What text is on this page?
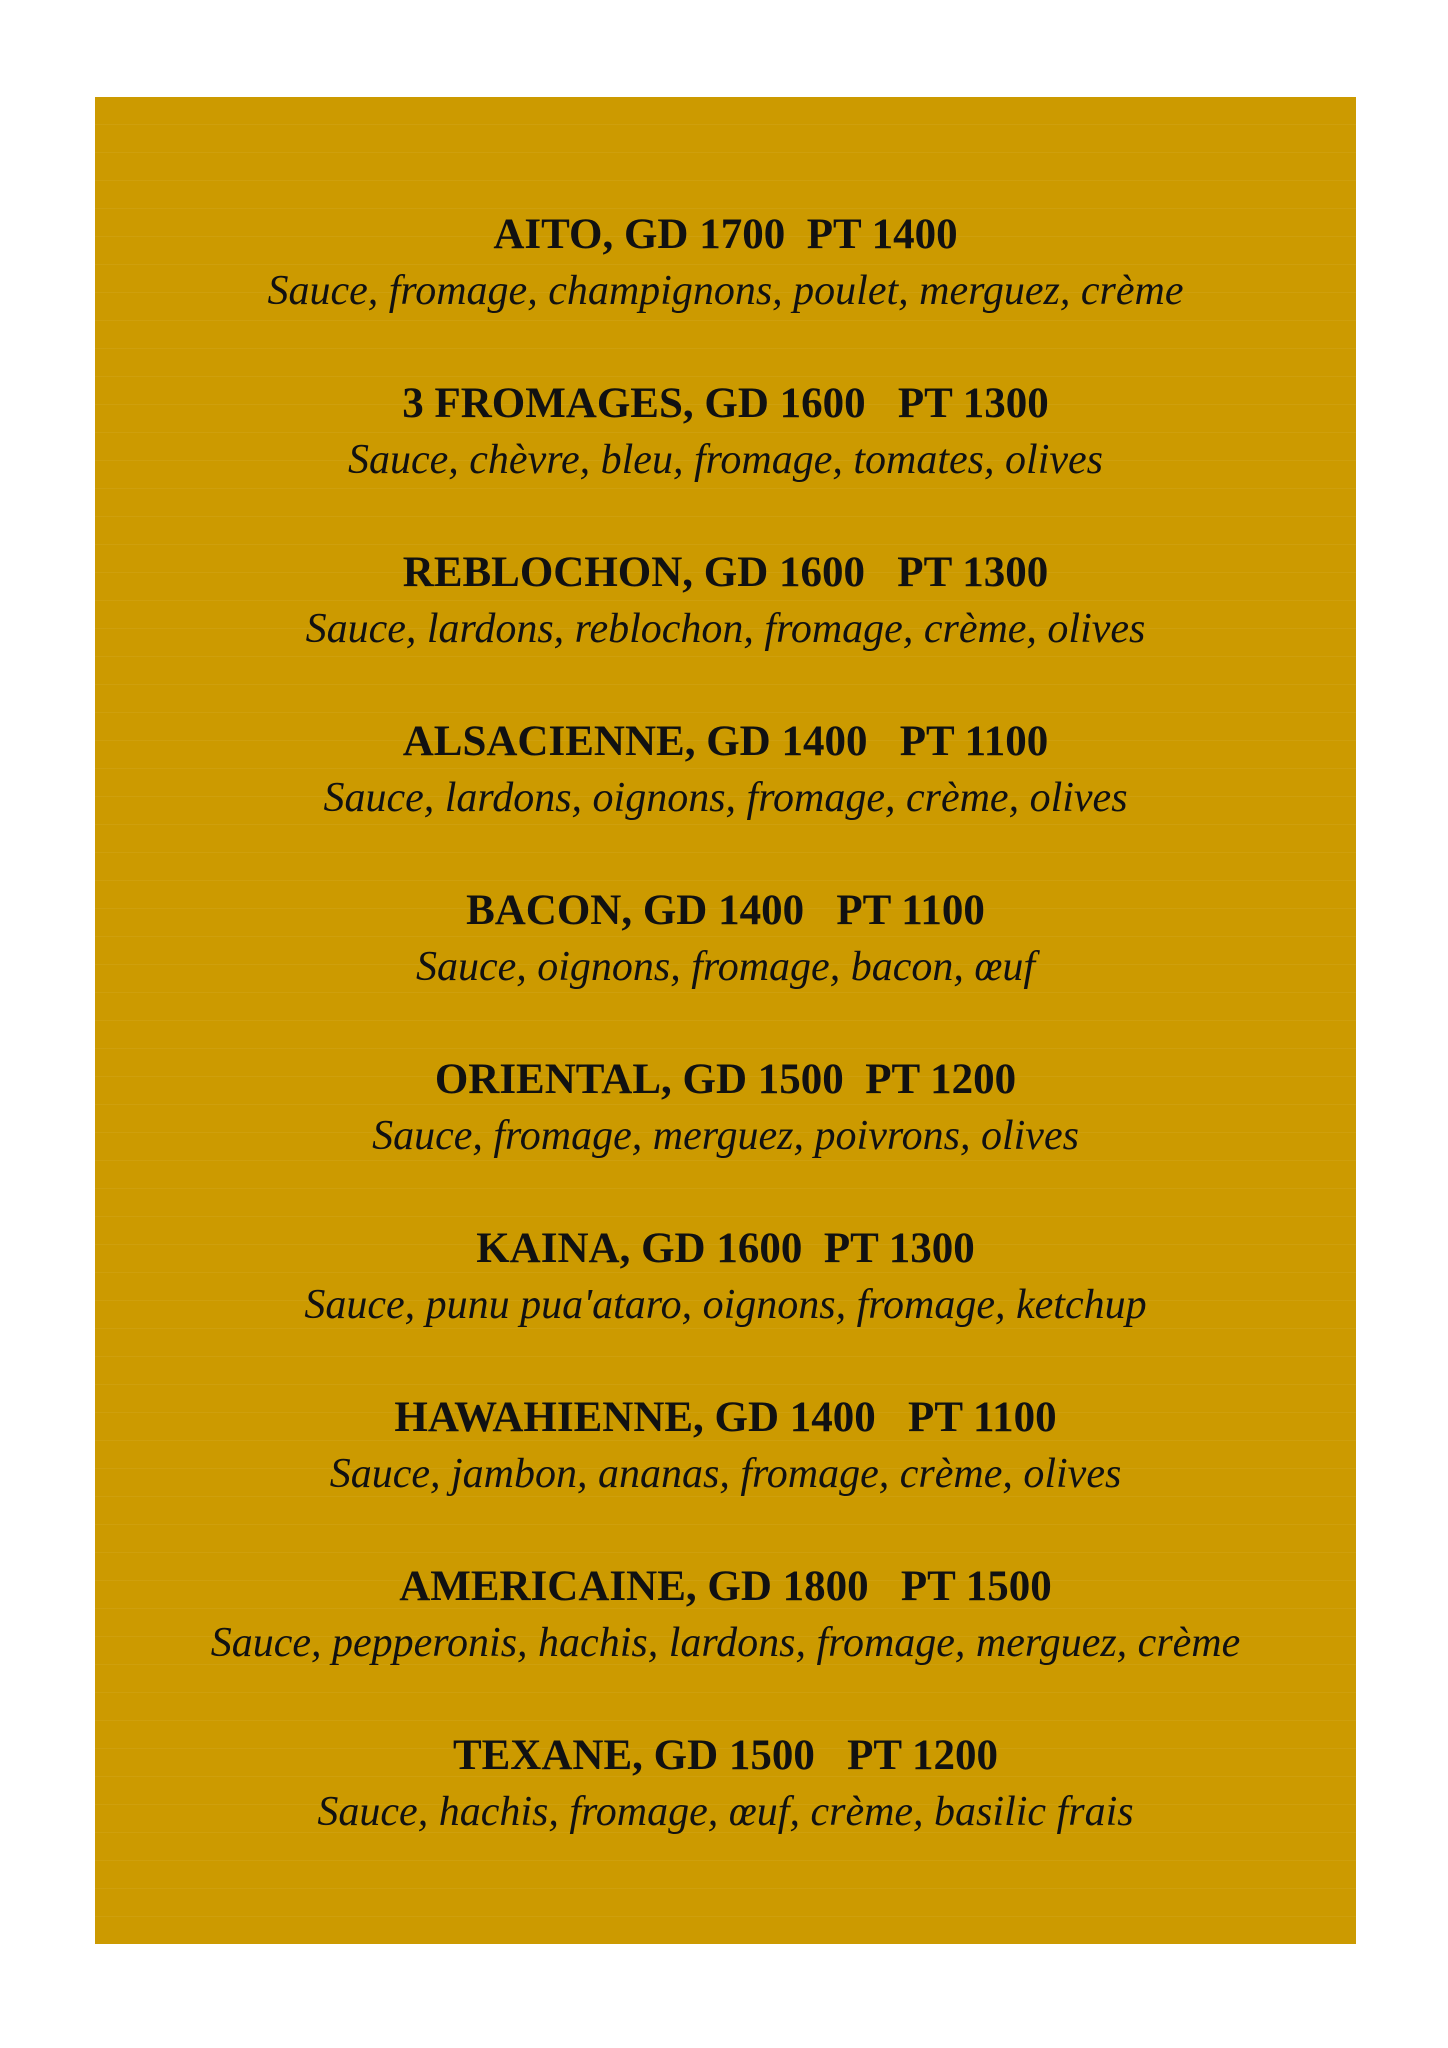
AITO, GD 1700  PT 1400
Sauce, fromage, champignons, poulet, merguez, crème
3 FROMAGES, GD 1600   PT 1300
Sauce, chèvre, bleu, fromage, tomates, olives
REBLOCHON, GD 1600   PT 1300
Sauce, lardons, reblochon, fromage, crème, olives
ALSACIENNE, GD 1400   PT 1100
Sauce, lardons, oignons, fromage, crème, olives
BACON, GD 1400   PT 1100
Sauce, oignons, fromage, bacon, œuf
ORIENTAL, GD 1500  PT 1200
Sauce, fromage, merguez, poivrons, olives
KAINA, GD 1600  PT 1300
Sauce, punu pua'ataro, oignons, fromage, ketchup
HAWAHIENNE, GD 1400   PT 1100
Sauce, jambon, ananas, fromage, crème, olives
AMERICAINE, GD 1800   PT 1500
Sauce, pepperonis, hachis, lardons, fromage, merguez, crème
TEXANE, GD 1500   PT 1200
Sauce, hachis, fromage, œuf, crème, basilic frais
